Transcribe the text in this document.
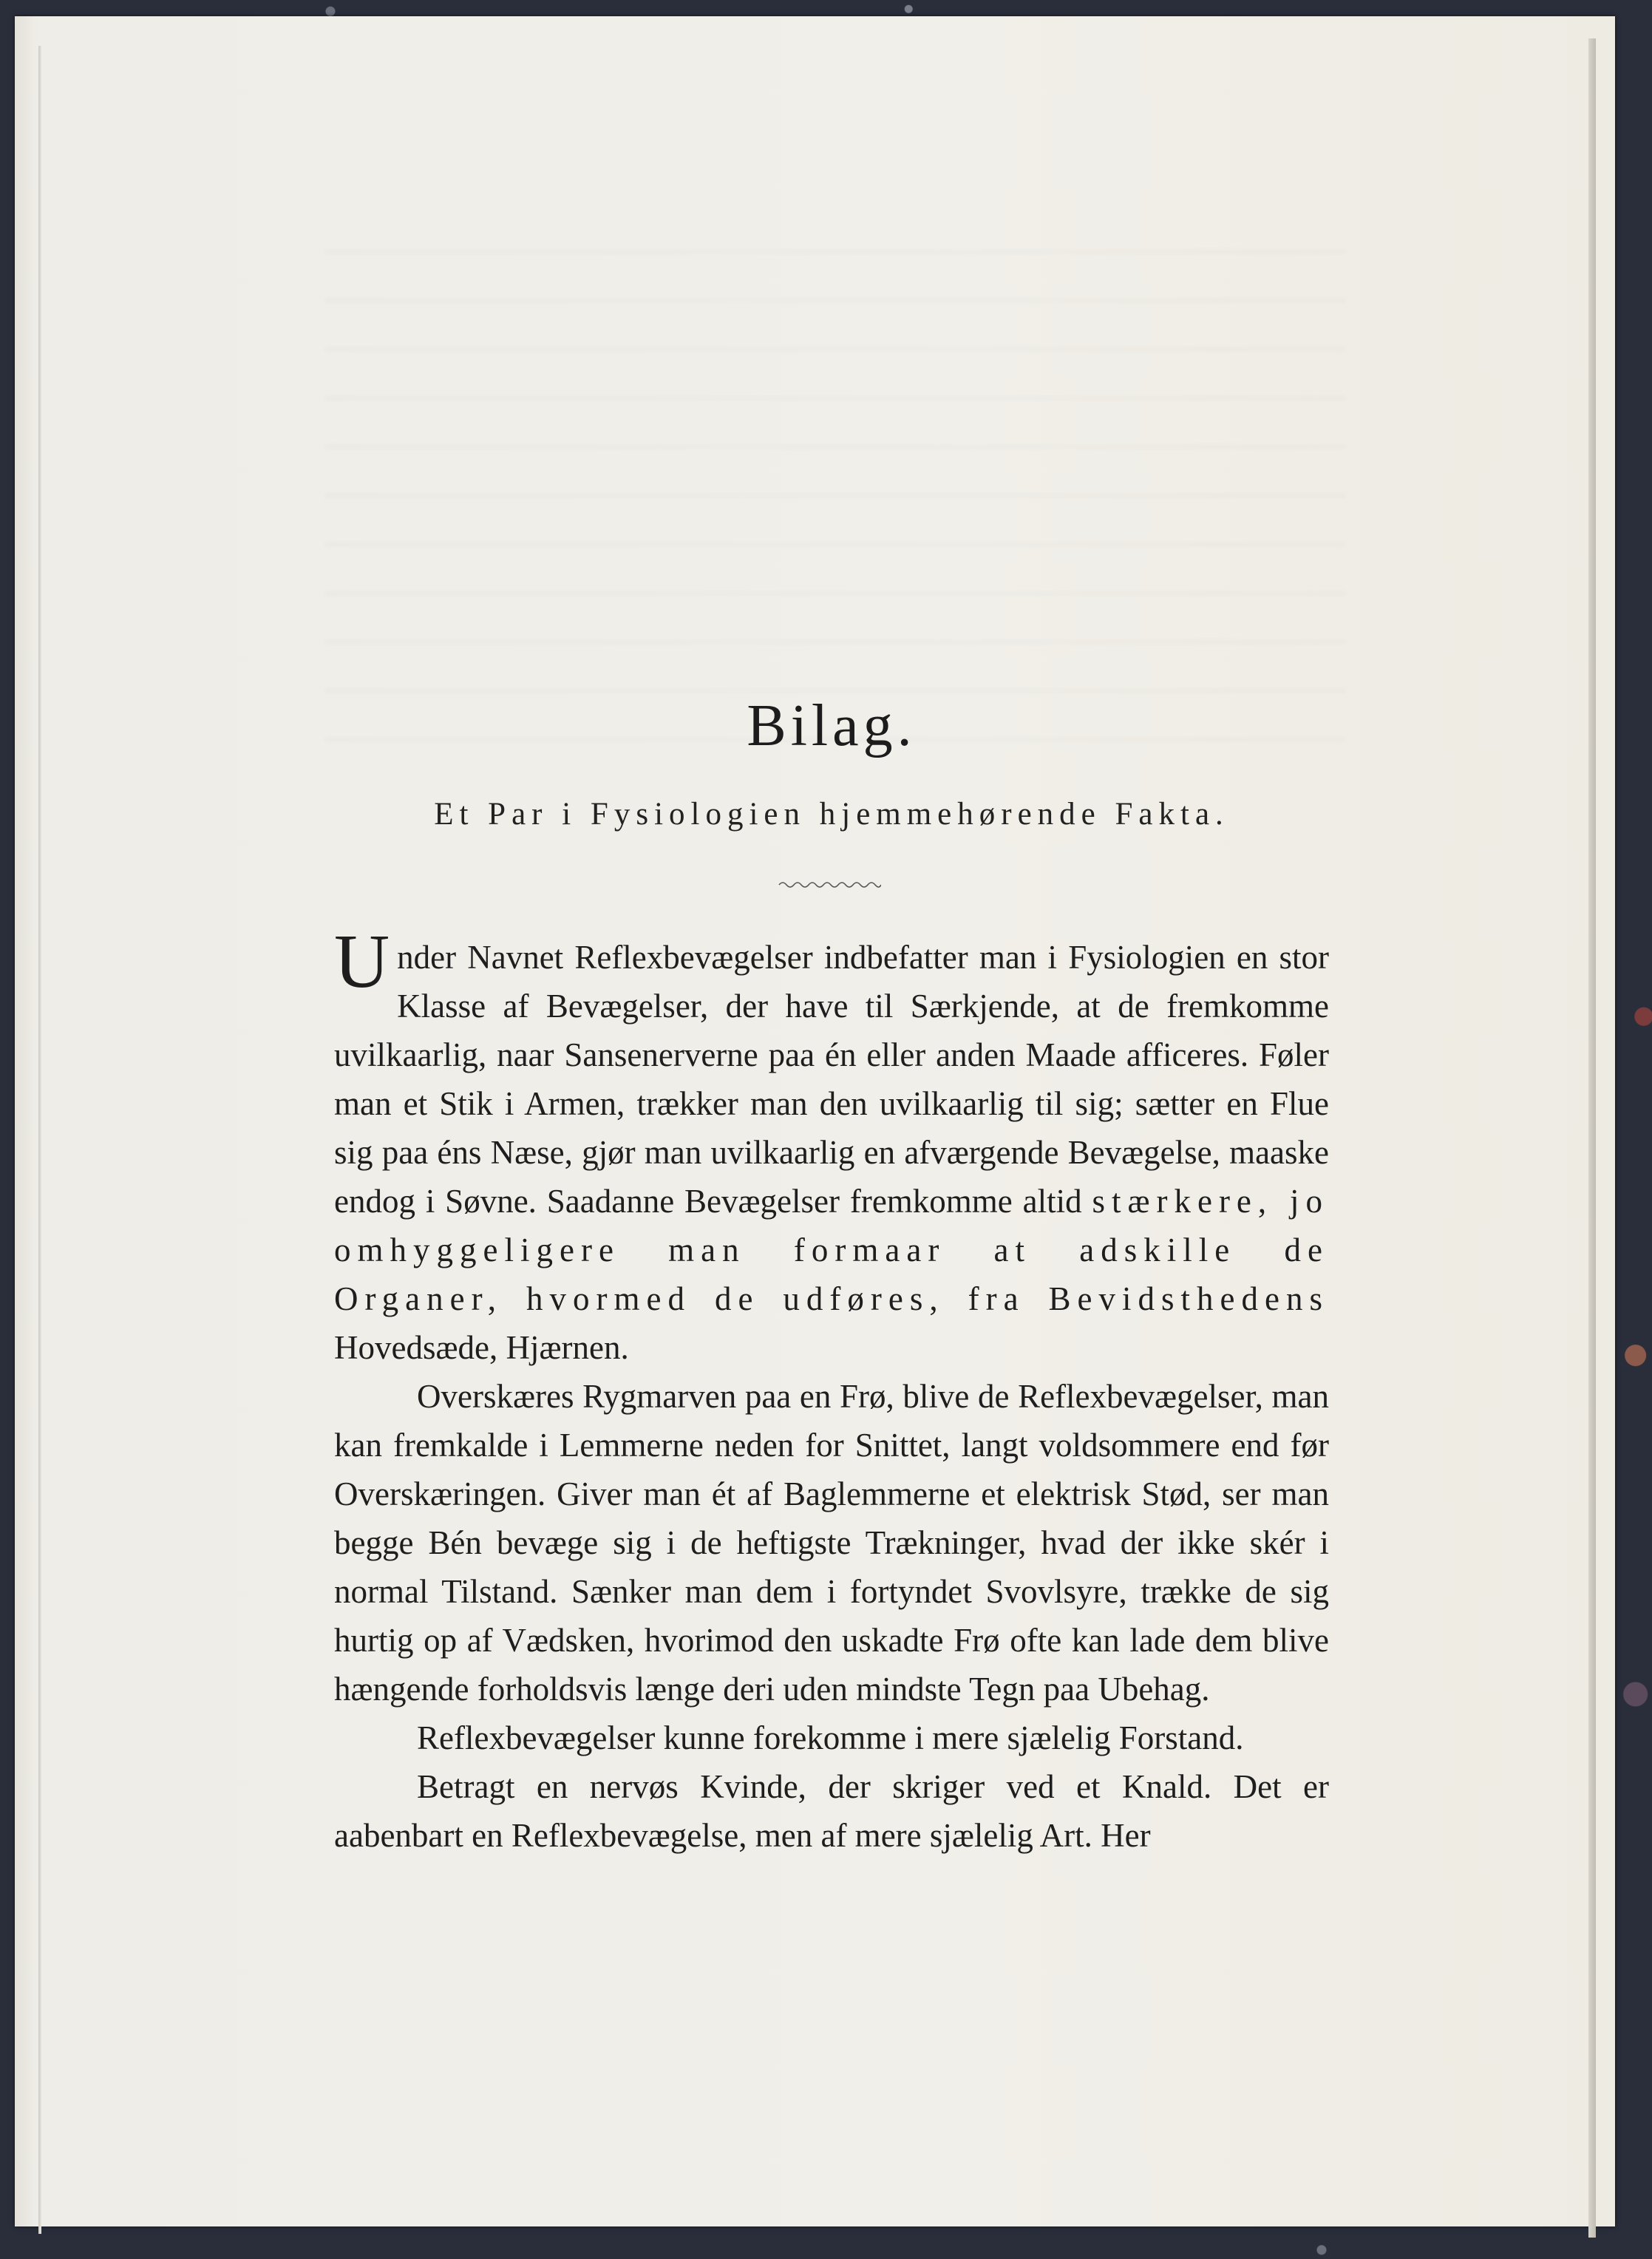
Bilag.
Et Par i Fysiologien hjemmehørende Fakta.

Under Navnet Reflexbevægelser indbefatter man i Fysiologien en stor Klasse af Bevægelser, der have til Særkjende, at de fremkomme uvilkaarlig, naar Sansenerverne paa én eller anden Maade afficeres. Føler man et Stik i Armen, trækker man den uvilkaarlig til sig; sætter en Flue sig paa éns Næse, gjør man uvilkaarlig en afværgende Bevægelse, maaske endog i Søvne. Saadanne Bevægelser fremkomme altid stærkere, jo omhyggeligere man formaar at adskille de Organer, hvormed de udføres, fra Bevidsthedens Hovedsæde, Hjærnen.

Overskæres Rygmarven paa en Frø, blive de Reflexbevægelser, man kan fremkalde i Lemmerne neden for Snittet, langt voldsommere end før Overskæringen. Giver man ét af Baglemmerne et elektrisk Stød, ser man begge Bén bevæge sig i de heftigste Trækninger, hvad der ikke skér i normal Tilstand. Sænker man dem i fortyndet Svovlsyre, trække de sig hurtig op af Vædsken, hvorimod den uskadte Frø ofte kan lade dem blive hængende forholdsvis længe deri uden mindste Tegn paa Ubehag.

Reflexbevægelser kunne forekomme i mere sjælelig Forstand.

Betragt en nervøs Kvinde, der skriger ved et Knald. Det er aabenbart en Reflexbevægelse, men af mere sjælelig Art. Her
